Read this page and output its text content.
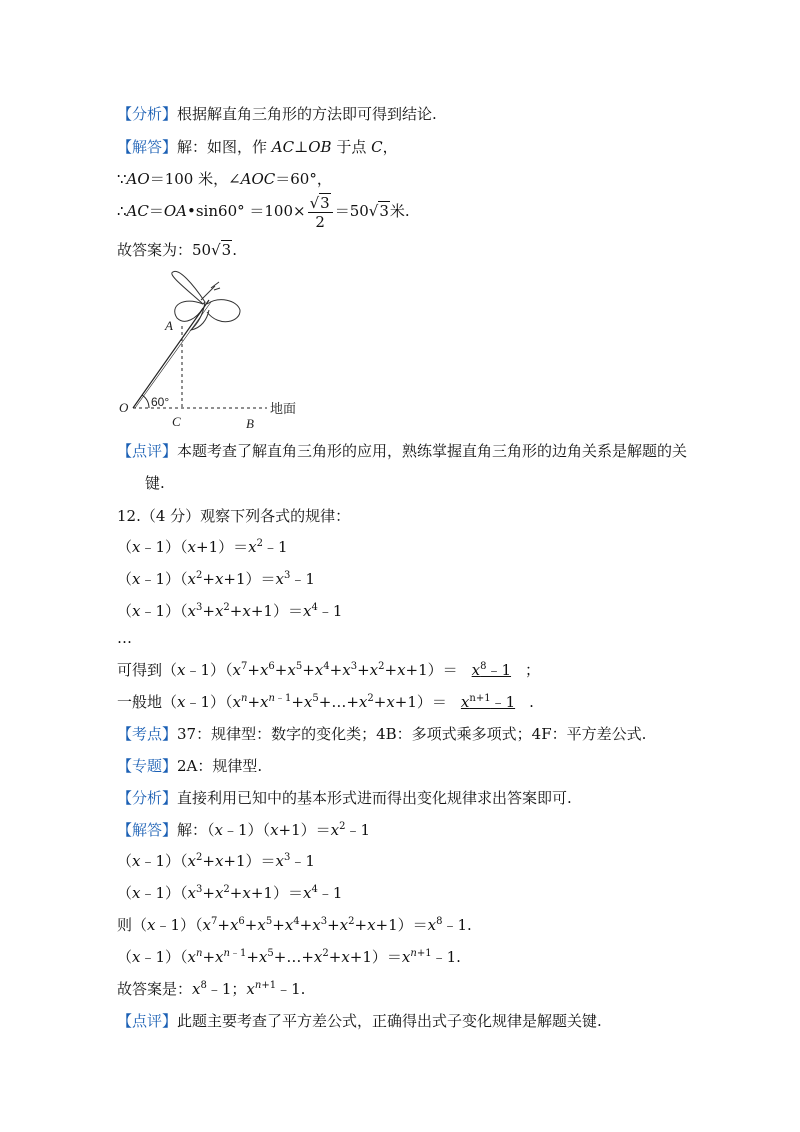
【分析】根据解直角三角形的方法即可得到结论.
【解答】解：如图，作 AC⊥OB 于点 C，
∵AO＝100 米，∠AOC＝60°，
∴AC＝OA•sin60° $=100\times \frac{√3}{2} =50√3$米.
故答案为：50√3.
A
O 60°
C	B
地面
【点评】本题考查了解直角三角形的应用，熟练掌握直角三角形的边角关系是解题的关
键.
12.（4 分）观察下列各式的规律：
$(x﹣1)(x+1)=x^2﹣1$
$(x﹣1)(x^2+x+1)=x^3﹣1$
$(x﹣1)(x^3+x^2+x+1)=x^4﹣1$
…
可得到$(x﹣1)(x^7+x^6+x^5+x^4+x^3+x^2+x+1)=$ $x^8﹣1$ ；
一般地$(x﹣1)(x^n+x^{n﹣1}+x^5+\dots+x^2+x+1)=$ $x^{n+1}﹣1$ .
【考点】37：规律型：数字的变化类；4B：多项式乘多项式；4F：平方差公式.
【专题】2A：规律型.
【分析】直接利用已知中的基本形式进而得出变化规律求出答案即可.
【解答】解：$(x﹣1)(x+1)=x^2﹣1$
$(x﹣1)(x^2+x+1)=x^3﹣1$
$(x﹣1)(x^3+x^2+x+1)=x^4﹣1$
则$(x﹣1)(x^7+x^6+x^5+x^4+x^3+x^2+x+1)=x^8﹣1$.
$(x﹣1)(x^n+x^{n﹣1}+x^5+\dots+x^2+x+1)=x^{n+1}﹣1$.
故答案是：$x^8﹣1$；$x^{n+1}﹣1$.
【点评】此题主要考查了平方差公式，正确得出式子变化规律是解题关键.
